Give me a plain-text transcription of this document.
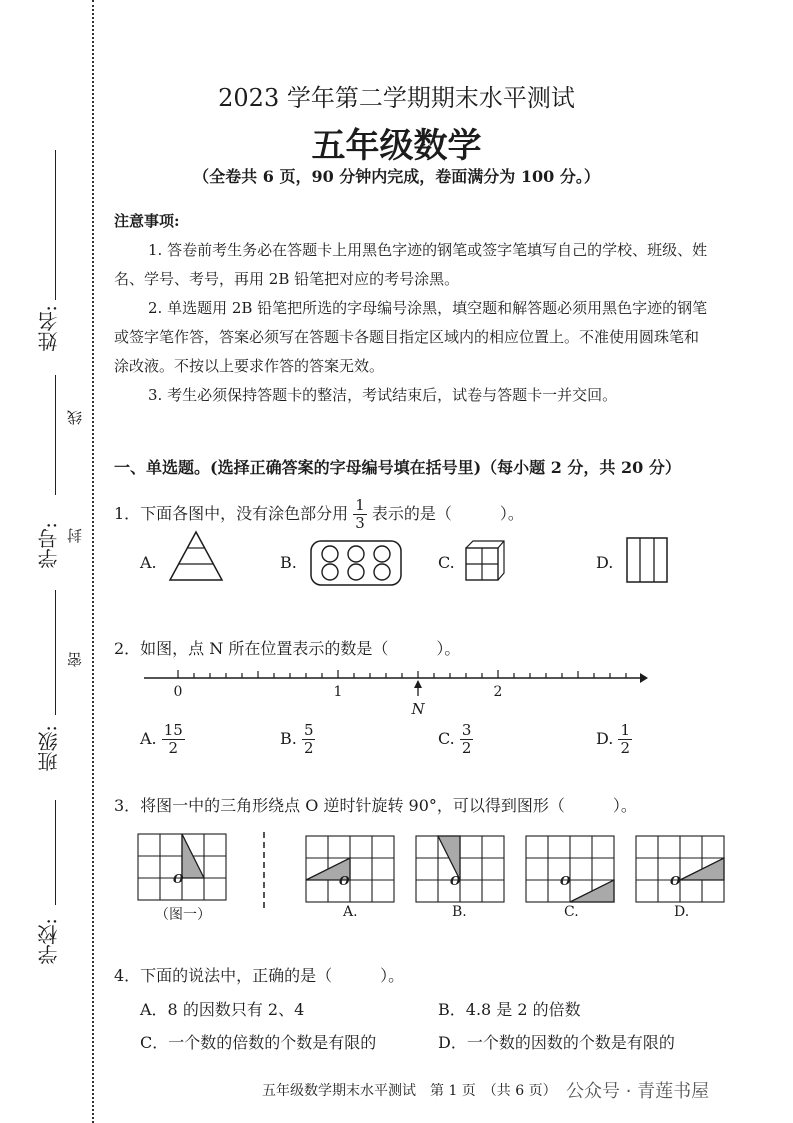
姓名:
线
学号: 封
密
班级:
学校:
2023 学年第二学期期末水平测试
五年级数学
（全卷共 6 页，90 分钟内完成，卷面满分为 100 分。）
注意事项:
1. 答卷前考生务必在答题卡上用黑色字迹的钢笔或签字笔填写自己的学校、班级、姓
名、学号、考号，再用 2B 铅笔把对应的考号涂黑。
2. 单选题用 2B 铅笔把所选的字母编号涂黑，填空题和解答题必须用黑色字迹的钢笔
或签字笔作答，答案必须写在答题卡各题目指定区域内的相应位置上。不准使用圆珠笔和
涂改液。不按以上要求作答的答案无效。
3. 考生必须保持答题卡的整洁，考试结束后，试卷与答题卡一并交回。
一、单选题。(选择正确答案的字母编号填在括号里)（每小题 2 分，共 20 分）
1．下面各图中，没有涂色部分用 $\frac{1}{3}$ 表示的是（　　　）。
A.	B.	C.	D.
2．如图，点 N 所在位置表示的数是（　　　）。
0	1	2
N
A. $\frac{15}{2}$	B. $\frac{5}{2}$	C. $\frac{3}{2}$	D. $\frac{1}{2}$
3．将图一中的三角形绕点 O 逆时针旋转 90°，可以得到图形（　　　）。
O
（图一）
O
A.
O
B.
O
C.
O
D.
4．下面的说法中，正确的是（　　　）。
A．8 的因数只有 2、4	B．4.8 是 2 的倍数
C．一个数的倍数的个数是有限的	D．一个数的因数的个数是有限的
五年级数学期末水平测试　第 1 页　（共 6 页） 公众号 · 青莲书屋
